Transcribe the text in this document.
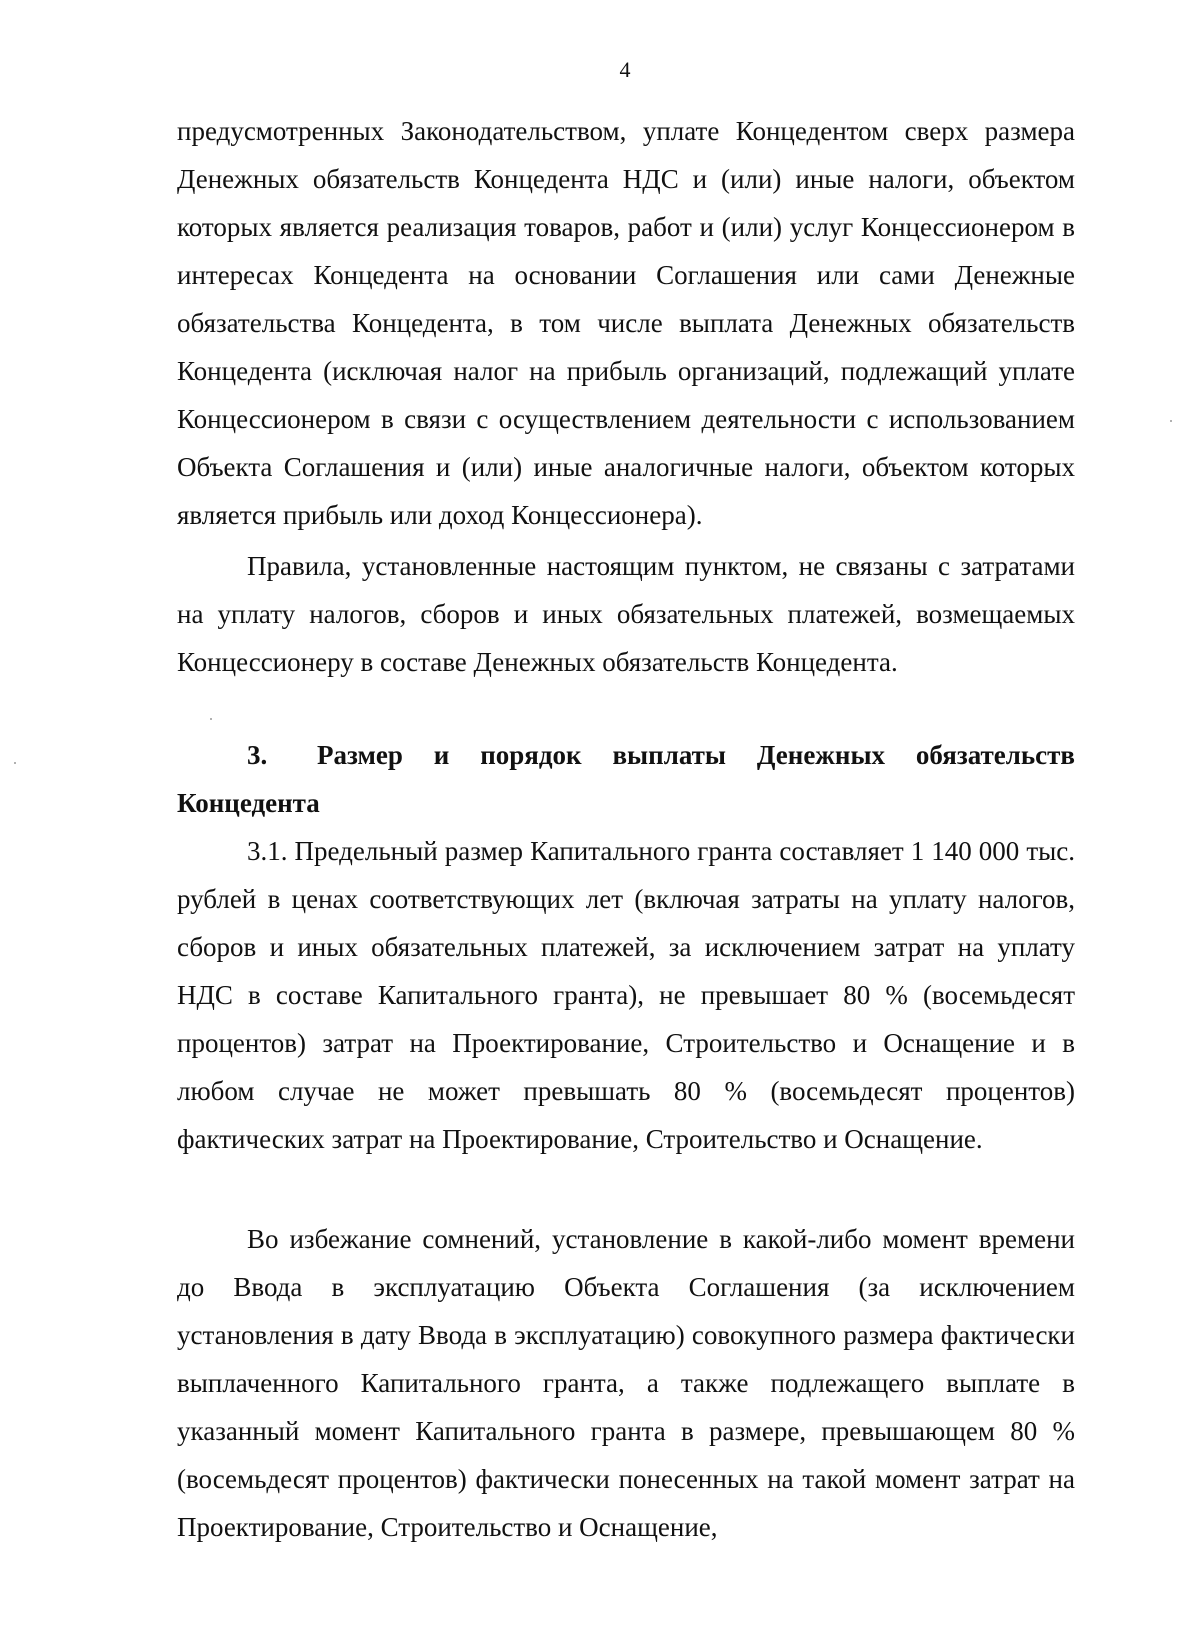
4

предусмотренных Законодательством, уплате Концедентом сверх размера Денежных обязательств Концедента НДС и (или) иные налоги, объектом которых является реализация товаров, работ и (или) услуг Концессионером в интересах Концедента на основании Соглашения или сами Денежные обязательства Концедента, в том числе выплата Денежных обязательств Концедента (исключая налог на прибыль организаций, подлежащий уплате Концессионером в связи с осуществлением деятельности с использованием Объекта Соглашения и (или) иные аналогичные налоги, объектом которых является прибыль или доход Концессионера).

Правила, установленные настоящим пунктом, не связаны с затратами на уплату налогов, сборов и иных обязательных платежей, возмещаемых Концессионеру в составе Денежных обязательств Концедента.

3. Размер и порядок выплаты Денежных обязательств Концедента

3.1. Предельный размер Капитального гранта составляет 1 140 000 тыс. рублей в ценах соответствующих лет (включая затраты на уплату налогов, сборов и иных обязательных платежей, за исключением затрат на уплату НДС в составе Капитального гранта), не превышает 80 % (восемьдесят процентов) затрат на Проектирование, Строительство и Оснащение и в любом случае не может превышать 80 % (восемьдесят процентов) фактических затрат на Проектирование, Строительство и Оснащение.

Во избежание сомнений, установление в какой-либо момент времени до Ввода в эксплуатацию Объекта Соглашения (за исключением установления в дату Ввода в эксплуатацию) совокупного размера фактически выплаченного Капитального гранта, а также подлежащего выплате в указанный момент Капитального гранта в размере, превышающем 80 % (восемьдесят процентов) фактически понесенных на такой момент затрат на Проектирование, Строительство и Оснащение,
